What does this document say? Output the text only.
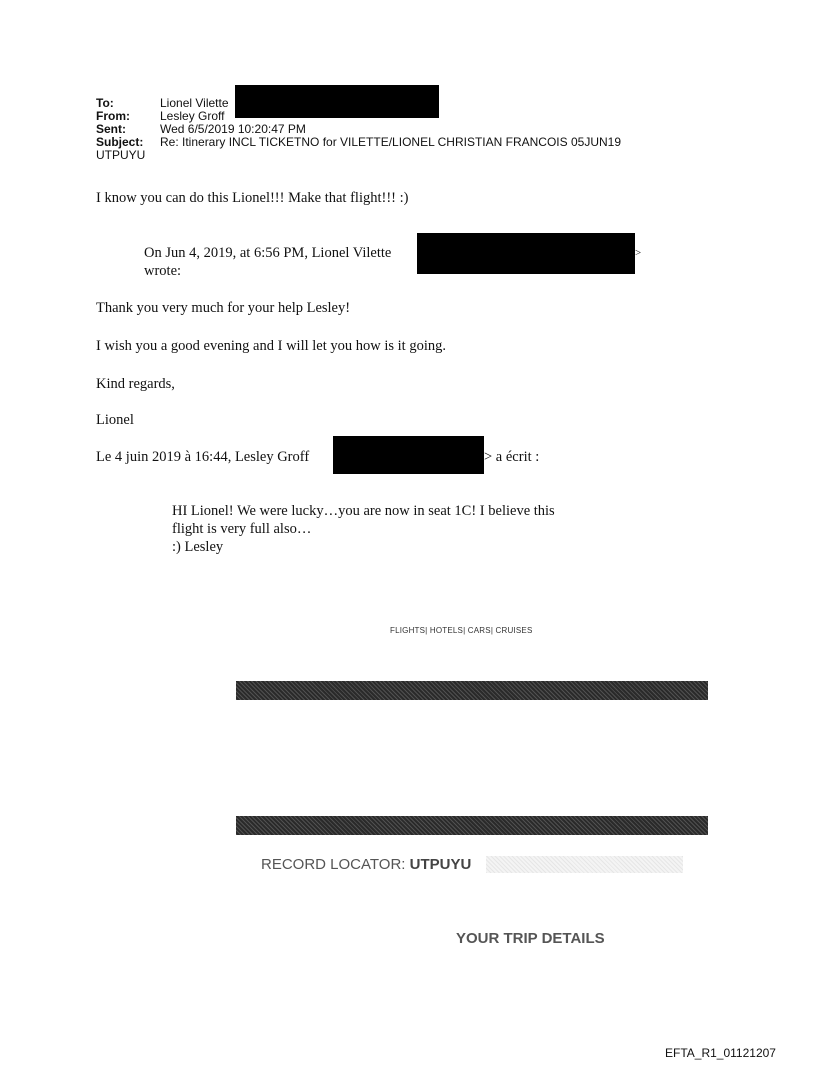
To:	Lionel Vilette
From:	Lesley Groff
Sent:	Wed 6/5/2019 10:20:47 PM
Subject: Re: Itinerary INCL TICKETNO for VILETTE/LIONEL CHRISTIAN FRANCOIS 05JUN19
UTPUYU
I know you can do this Lionel!!! Make that flight!!! :)
On Jun 4, 2019, at 6:56 PM, Lionel Vilette	>
wrote:
Thank you very much for your help Lesley!
I wish you a good evening and I will let you how is it going.
Kind regards,
Lionel
Le 4 juin 2019 à 16:44, Lesley Groff	> a écrit :
HI Lionel! We were lucky…you are now in seat 1C! I believe this
flight is very full also…
:) Lesley
FLIGHTS| HOTELS| CARS| CRUISES
RECORD LOCATOR: UTPUYU
YOUR TRIP DETAILS
EFTA_R1_01121207
